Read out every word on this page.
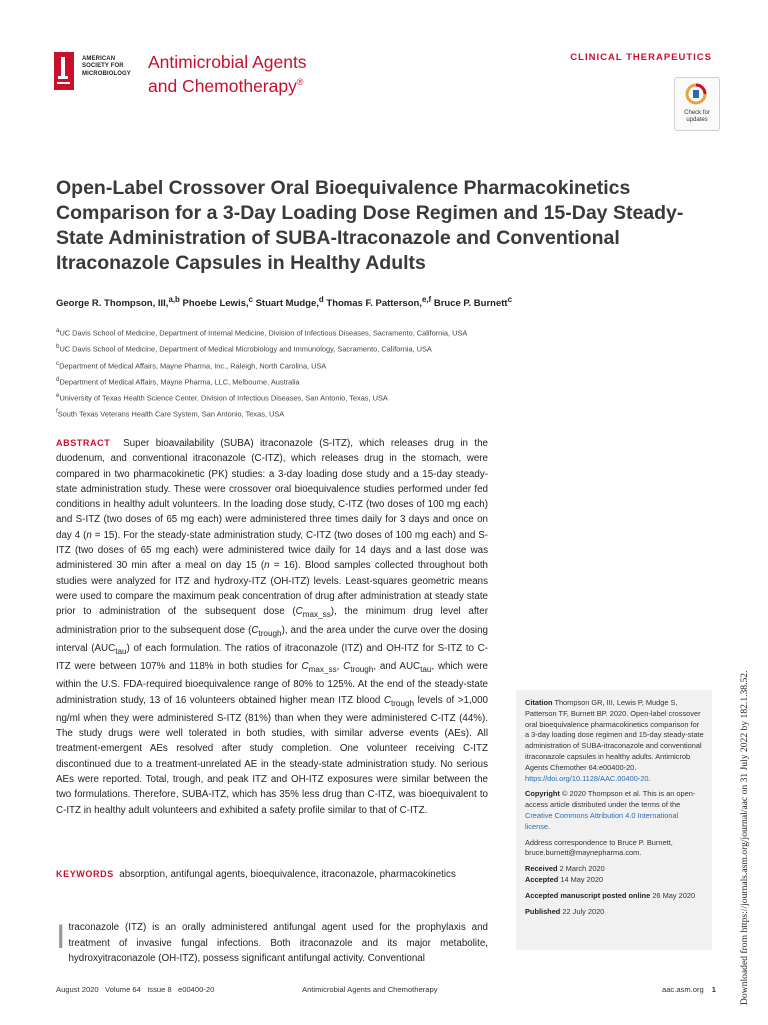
AMERICAN
SOCIETY FOR
MICROBIOLOGY
Antimicrobial Agents
and Chemotherapy®
CLINICAL THERAPEUTICS
Check for
updates
Open-Label Crossover Oral Bioequivalence Pharmacokinetics Comparison for a 3-Day Loading Dose Regimen and 15-Day Steady-State Administration of SUBA-Itraconazole and Conventional Itraconazole Capsules in Healthy Adults
George R. Thompson, III,$^{a,b}$ Phoebe Lewis,$^c$ Stuart Mudge,$^d$ Thomas F. Patterson,$^{e,f}$ Bruce P. Burnett$^c$
$^a$UC Davis School of Medicine, Department of Internal Medicine, Division of Infectious Diseases, Sacramento, California, USA
$^b$UC Davis School of Medicine, Department of Medical Microbiology and Immunology, Sacramento, California, USA
$^c$Department of Medical Affairs, Mayne Pharma, Inc., Raleigh, North Carolina, USA
$^d$Department of Medical Affairs, Mayne Pharma, LLC, Melbourne, Australia
$^e$University of Texas Health Science Center, Division of Infectious Diseases, San Antonio, Texas, USA
$^f$South Texas Veterans Health Care System, San Antonio, Texas, USA

ABSTRACT Super bioavailability (SUBA) itraconazole (S-ITZ), which releases drug in the duodenum, and conventional itraconazole (C-ITZ), which releases drug in the stomach, were compared in two pharmacokinetic (PK) studies: a 3-day loading dose study and a 15-day steady-state administration study. These were crossover oral bioequivalence studies performed under fed conditions in healthy adult volunteers. In the loading dose study, C-ITZ (two doses of 100 mg each) and S-ITZ (two doses of 65 mg each) were administered three times daily for 3 days and once on day 4 (n = 15). For the steady-state administration study, C-ITZ (two doses of 100 mg each) and S-ITZ (two doses of 65 mg each) were administered twice daily for 14 days and a last dose was administered 30 min after a meal on day 15 (n = 16). Blood samples collected throughout both studies were analyzed for ITZ and hydroxy-ITZ (OH-ITZ) levels. Least-squares geometric means were used to compare the maximum peak concentration of drug after administration at steady state prior to administration of the subsequent dose $(C_{max\_ss})$, the minimum drug level after administration prior to the subsequent dose $(C_{trough})$, and the area under the curve over the dosing interval $(AUC_{tau})$ of each formulation. The ratios of itraconazole (ITZ) and OH-ITZ for S-ITZ to C-ITZ were between 107% and 118% in both studies for $C_{max\_ss}$, $C_{trough}$, and $AUC_{tau}$, which were within the U.S. FDA-required bioequivalence range of 80% to 125%. At the end of the steady-state administration study, 13 of 16 volunteers obtained higher mean ITZ blood $C_{trough}$ levels of >1,000 ng/ml when they were administered S-ITZ (81%) than when they were administered C-ITZ (44%). The study drugs were well tolerated in both studies, with similar adverse events (AEs). All treatment-emergent AEs resolved after study completion. One volunteer receiving C-ITZ discontinued due to a treatment-unrelated AE in the steady-state administration study. No serious AEs were reported. Total, trough, and peak ITZ and OH-ITZ exposures were similar between the two formulations. Therefore, SUBA-ITZ, which has 35% less drug than C-ITZ, was bioequivalent to C-ITZ in healthy adult volunteers and exhibited a safety profile similar to that of C-ITZ.

KEYWORDS absorption, antifungal agents, bioequivalence, itraconazole, pharmacokinetics

Itraconazole (ITZ) is an orally administered antifungal agent used for the prophylaxis and treatment of invasive fungal infections. Both itraconazole and its major metabolite, hydroxyitraconazole (OH-ITZ), possess significant antifungal activity. Conventional

Citation Thompson GR, III, Lewis P, Mudge S, Patterson TF, Burnett BP. 2020. Open-label crossover oral bioequivalence pharmacokinetics comparison for a 3-day loading dose regimen and 15-day steady-state administration of SUBA-itraconazole and conventional itraconazole capsules in healthy adults. Antimicrob Agents Chemother 64:e00400-20. https://doi.org/10.1128/AAC.00400-20.

Copyright © 2020 Thompson et al. This is an open-access article distributed under the terms of the Creative Commons Attribution 4.0 International license.

Address correspondence to Bruce P. Burnett, bruce.burnett@maynepharma.com.

Received 2 March 2020
Accepted 14 May 2020
Accepted manuscript posted online 26 May 2020
Published 22 July 2020	Downloaded from https://journals.asm.org/journal/aac on 31 July 2022 by 182.1.38.52.
August 2020   Volume 64   Issue 8   e00400-20	Antimicrobial Agents and Chemotherapy	aac.asm.org 1
